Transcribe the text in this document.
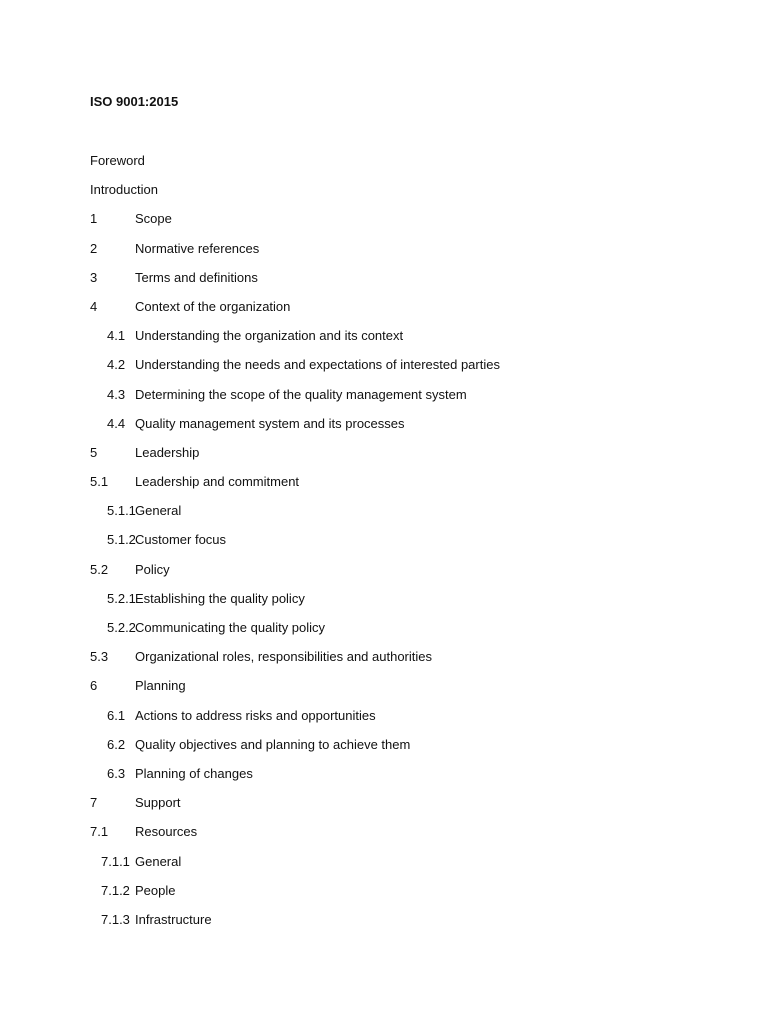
ISO 9001:2015
Foreword
Introduction
1	Scope
2	Normative references
3	Terms and definitions
4	Context of the organization
4.1 Understanding the organization and its context
4.2 Understanding the needs and expectations of interested parties
4.3 Determining the scope of the quality management system
4.4 Quality management system and its processes
5	Leadership
5.1 Leadership and commitment
5.1.1 General
5.1.2 Customer focus
5.2 Policy
5.2.1 Establishing the quality policy
5.2.2 Communicating the quality policy
5.3 Organizational roles, responsibilities and authorities
6	Planning
6.1 Actions to address risks and opportunities
6.2 Quality objectives and planning to achieve them
6.3 Planning of changes
7	Support
7.1 Resources
7.1.1 General
7.1.2 People
7.1.3 Infrastructure
